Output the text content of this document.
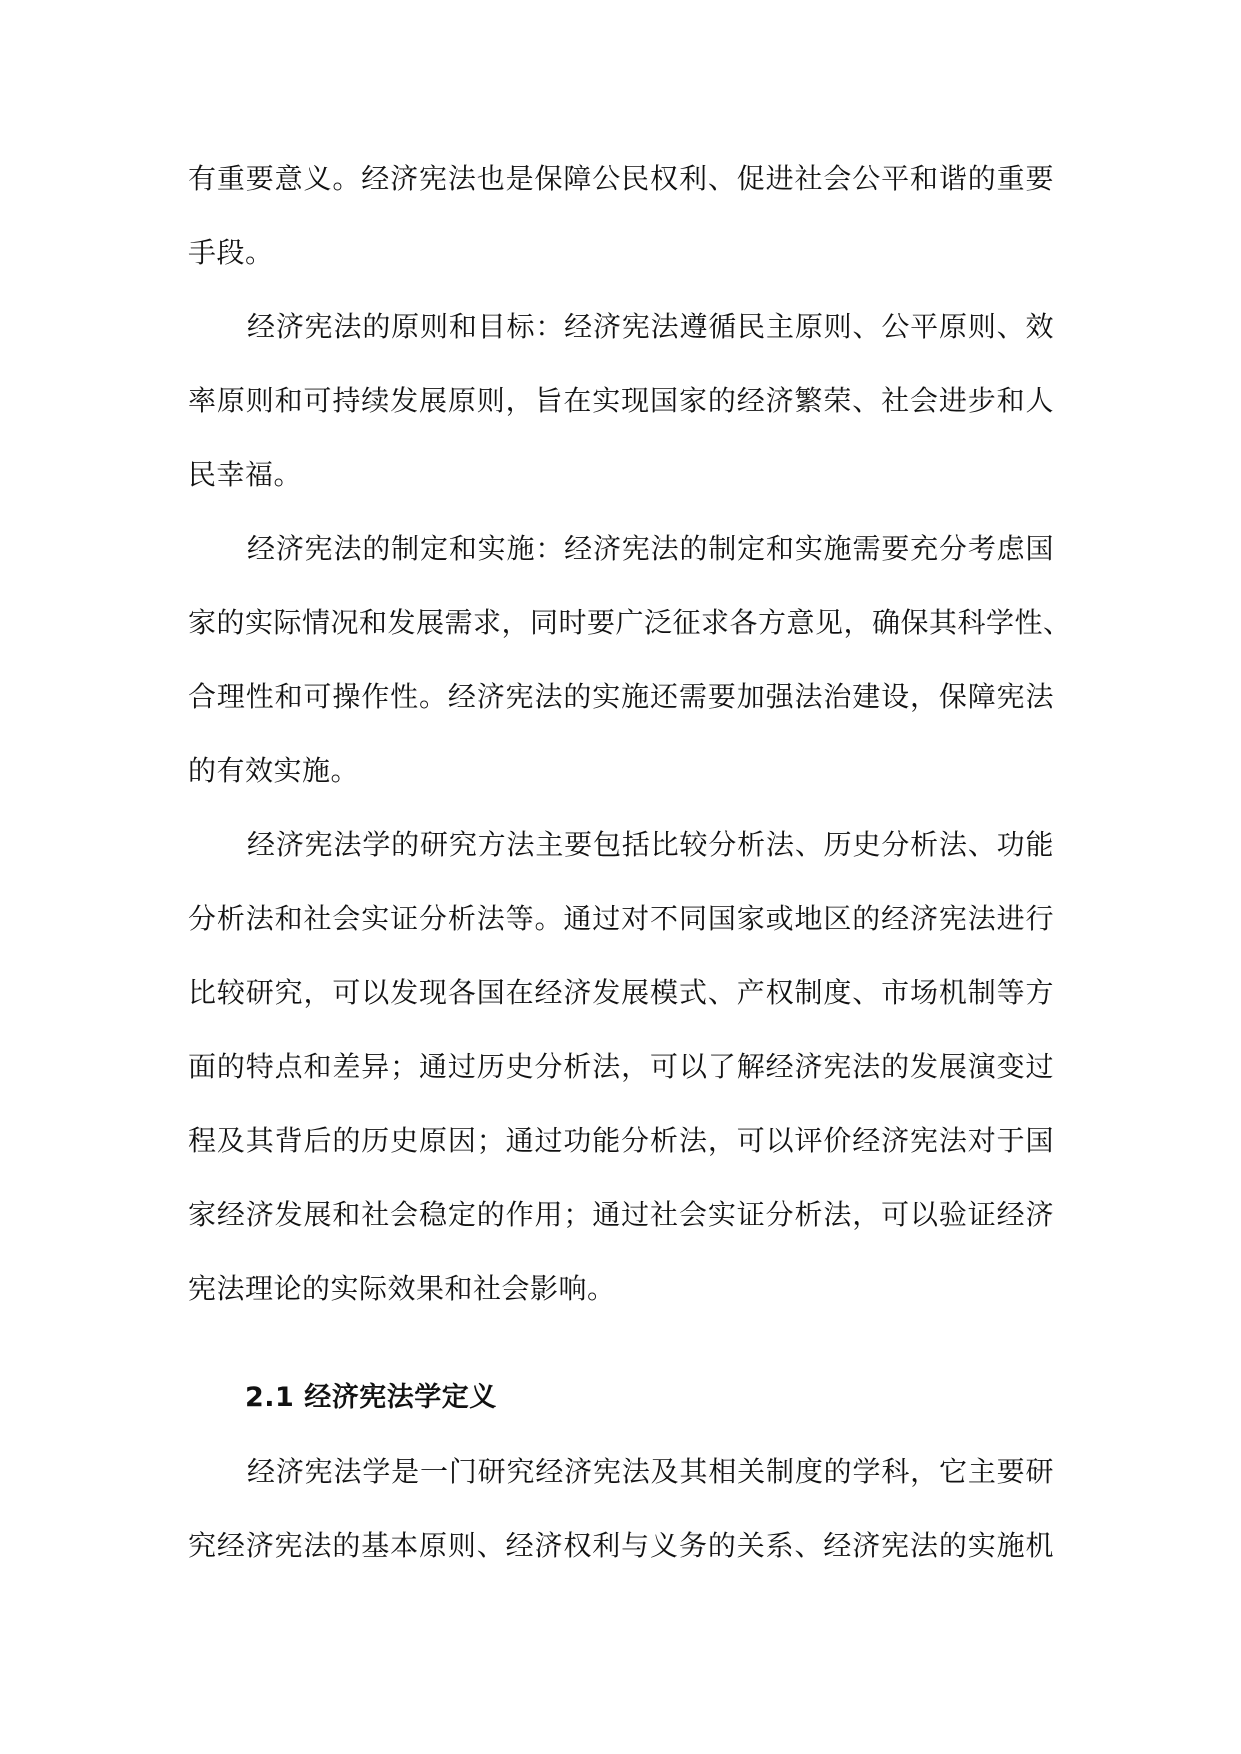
有重要意义。经济宪法也是保障公民权利、促进社会公平和谐的重要
手段。
经济宪法的原则和目标：经济宪法遵循民主原则、公平原则、效
率原则和可持续发展原则，旨在实现国家的经济繁荣、社会进步和人
民幸福。
经济宪法的制定和实施：经济宪法的制定和实施需要充分考虑国
家的实际情况和发展需求，同时要广泛征求各方意见，确保其科学性、
合理性和可操作性。经济宪法的实施还需要加强法治建设，保障宪法
的有效实施。
经济宪法学的研究方法主要包括比较分析法、历史分析法、功能
分析法和社会实证分析法等。通过对不同国家或地区的经济宪法进行
比较研究，可以发现各国在经济发展模式、产权制度、市场机制等方
面的特点和差异；通过历史分析法，可以了解经济宪法的发展演变过
程及其背后的历史原因；通过功能分析法，可以评价经济宪法对于国
家经济发展和社会稳定的作用；通过社会实证分析法，可以验证经济
宪法理论的实际效果和社会影响。
2.1 经济宪法学定义
经济宪法学是一门研究经济宪法及其相关制度的学科，它主要研
究经济宪法的基本原则、经济权利与义务的关系、经济宪法的实施机
